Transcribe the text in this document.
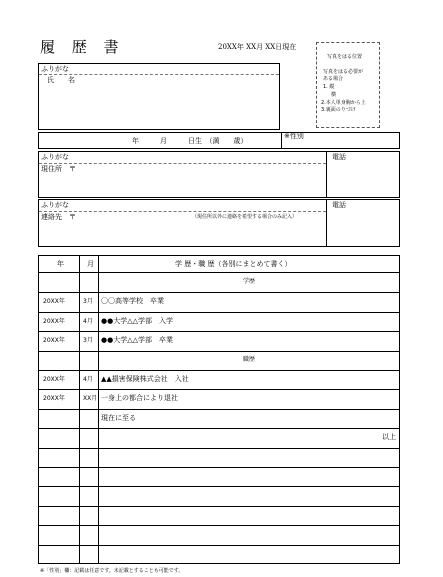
履 歴 書	20XX年 XX月 XX日現在
写真をはる位置
写真をはる必要が
ある場合
1. 縦
横
2.本人単身胸から上
3.裏面のりづけ
ふりがな
氏　　名
年　　　月　　　日生　（満　　歳）
※性別
ふりがな
現住所　〒
電話
ふりがな
連絡先　〒	（現住所以外に連絡を希望する場合のみ記入）
電話
年	月	学 歴・職 歴（各別にまとめて書く）
学歴
20XX年	3月 〇〇高等学校　卒業
20XX年	4月 ●●大学△△学部　入学
20XX年	3月 ●●大学△△学部　卒業
職歴
20XX年	4月 ▲▲損害保険株式会社　入社
20XX年	XX月 一身上の都合により退社
現在に至る
以上
※「性別」欄：記載は任意です。未記載とすることも可能です。
